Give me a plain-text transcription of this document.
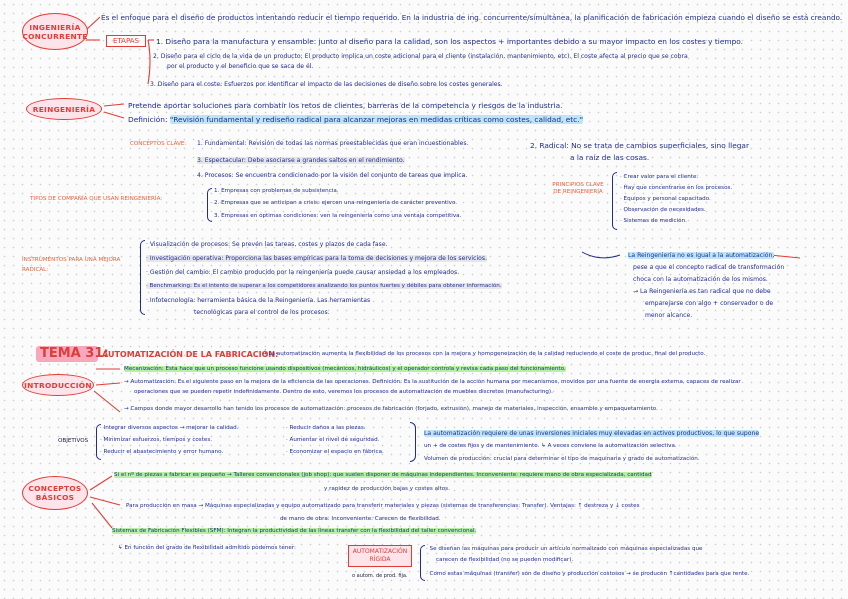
INGENIERÍA CONCURRENTE
Es el enfoque para el diseño de productos intentando reducir el tiempo requerido. En la industria de ing. concurrente/simultánea, la planificación de fabricación empieza cuando el diseño se está creando.
ETAPAS 1. Diseño para la manufactura y ensamble: junto al diseño para la calidad, son los aspectos + importantes debido a su mayor impacto en los costes y tiempo.
2. Diseño para el ciclo de la vida de un producto: El producto implica un coste adicional para el cliente (instalación, mantenimiento, etc). El coste afecta al precio que se cobra
por el producto y el beneficio que se saca de él.
3. Diseño para el coste: Esfuerzos por identificar el impacto de las decisiones de diseño sobre los costes generales.
REINGENIERÍA	Pretende aportar soluciones para combatir los retos de clientes, barreras de la competencia y riesgos de la industria.
Definición: "Revisión fundamental y rediseño radical para alcanzar mejoras en medidas críticas como costes, calidad, etc."
CONCEPTOS CLAVE: 1. Fundamental: Revisión de todas las normas preestablecidas que eran incuestionables.	2. Radical: No se trata de cambios superficiales, sino llegar
a la raíz de las cosas.
3. Espectacular: Debe asociarse a grandes saltos en el rendimiento.
4. Procesos: Se encuentra condicionado por la visión del conjunto de tareas que implica.
TIPOS DE COMPAÑÍA QUE USAN REINGENIERÍA:
1. Empresas con problemas de subsistencia.
2. Empresas que se anticipan a crisis: ejercen una reingeniería de carácter preventivo.
3. Empresas en óptimas condiciones: ven la reingeniería como una ventaja competitiva.
PRINCIPIOS CLAVE DE REINGENIERÍA
· Crear valor para el cliente.
· Hay que concentrarse en los procesos.
· Equipos y personal capacitado.
· Observación de necesidades.
· Sistemas de medición.
INSTRUMENTOS PARA UNA MEJORA RADICAL:
· Visualización de procesos: Se prevén las tareas, costes y plazos de cada fase.
· Investigación operativa: Proporciona las bases empíricas para la toma de decisiones y mejora de los servicios.
· Gestión del cambio: El cambio producido por la reingeniería puede causar ansiedad a los empleados.
· Benchmarking: Es el intento de superar a los competidores analizando los puntos fuertes y débiles para obtener información.
· Infotecnología: herramienta básica de la Reingeniería. Las herramientas
tecnológicas para el control de los procesos.
La Reingeniería no es igual a la automatización,
pese a que el concepto radical de transformación
choca con la automatización de los mismos.
→ La Reingeniería es tan radical que no debe
emparejarse con algo + conservador o de
menor alcance.
TEMA 31:
AUTOMATIZACIÓN DE LA FABRICACIÓN:
→ La automatización aumenta la flexibilidad de los procesos con la mejora y homogeneización de la calidad reduciendo el coste de produc. final del producto.
INTRODUCCIÓN
Mecanización: Esta hace que un proceso funcione usando dispositivos (mecánicos, hidráulicos) y el operador controla y revisa cada paso del funcionamiento.
→ Automatización: Es el siguiente paso en la mejora de la eficiencia de las operaciones. Definición: Es la sustitución de la acción humana por mecanismos, movidos por una fuente de energía externa, capaces de realizar
operaciones que se pueden repetir indefinidamente. Dentro de esto, veremos los procesos de automatización de muebles discretos (manufacturing).
→ Campos donde mayor desarrollo han tenido los procesos de automatización: procesos de fabricación (forjado, extrusión), manejo de materiales, inspección, ensamble y empaquetamiento.
OBJETIVOS
· Integrar diversos aspectos → mejorar la calidad.
· Minimizar esfuerzos, tiempos y costes.
· Reducir el abastecimiento y error humano.
· Reducir daños a las piezas.
· Aumentar el nivel de seguridad.
· Economizar el espacio en fábrica.
La automatización requiere de unas inversiones iniciales muy elevadas en activos productivos, lo que supone
un + de costes fijos y de mantenimiento. ↳ A veces conviene la automatización selectiva.
Volumen de producción: crucial para determinar el tipo de maquinaria y grado de automatización.
CONCEPTOS BÁSICOS
Si el nº de piezas a fabricar es pequeño → Talleres convencionales (job shop): que suelen disponer de máquinas independientes. Inconveniente: requiere mano de obra especializada, cantidad
y rapidez de producción bajas y costes altos.
Para producción en masa → Máquinas especializadas y equipo automatizado para transferir materiales y piezas (sistemas de transferencias: Transfer). Ventajas: ↑ destreza y ↓ costes
de mano de obra. Inconveniente: Carecen de flexibilidad.
Sistemas de Fabricación Flexibles (SFM): Integran la productividad de las líneas transfer con la flexibilidad del taller convencional.
↳ En función del grado de flexibilidad admitido podemos tener:	AUTOMATIZACIÓN RÍGIDA
o autom. de prod. fija.
· Se diseñan las máquinas para producir un artículo normalizado con máquinas especializadas que
carecen de flexibilidad (no se pueden modificar).
· Como estas máquinas (transfer) son de diseño y producción costosos → se producen ↑cantidades para que rente.
